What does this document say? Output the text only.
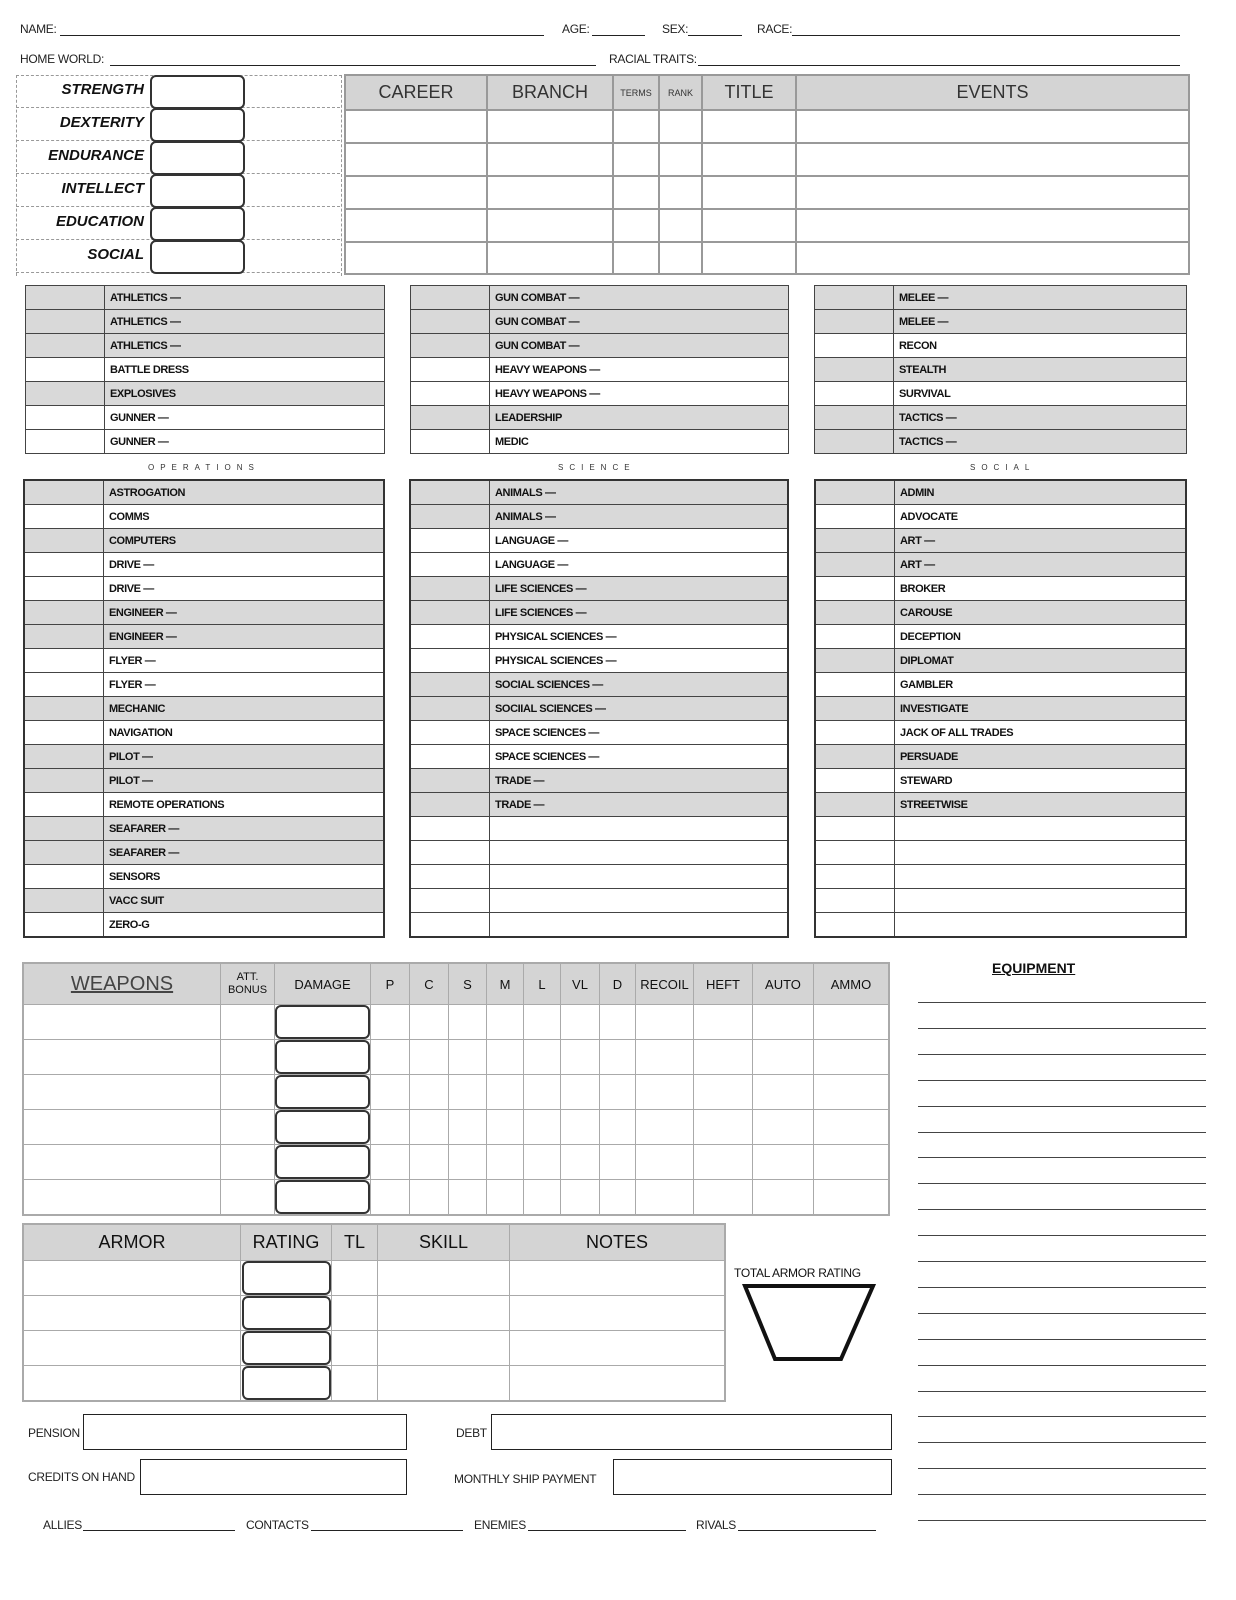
NAME:	AGE:	SEX:	RACE:
HOME WORLD:	RACIAL TRAITS:
STRENGTH
DEXTERITY
ENDURANCE
INTELLECT
EDUCATION
SOCIAL
CAREER	BRANCH	TERMS	RANK	TITLE	EVENTS

	ATHLETICS —
	ATHLETICS —
	ATHLETICS —
	BATTLE DRESS
	EXPLOSIVES
	GUNNER —
	GUNNER —
	GUN COMBAT —
	GUN COMBAT —
	GUN COMBAT —
	HEAVY WEAPONS —
	HEAVY WEAPONS —
	LEADERSHIP
	MEDIC
	MELEE —
	MELEE —
	RECON
	STEALTH
	SURVIVAL
	TACTICS —
	TACTICS —
	ASTROGATION
	COMMS
	COMPUTERS
	DRIVE —
	DRIVE —
	ENGINEER —
	ENGINEER —
	FLYER —
	FLYER —
	MECHANIC
	NAVIGATION
	PILOT —
	PILOT —
	REMOTE OPERATIONS
	SEAFARER —
	SEAFARER —
	SENSORS
	VACC SUIT
	ZERO-G
	ANIMALS —
	ANIMALS —
	LANGUAGE —
	LANGUAGE —
	LIFE SCIENCES —
	LIFE SCIENCES —
	PHYSICAL SCIENCES —
	PHYSICAL SCIENCES —
	SOCIAL SCIENCES —
	SOCIIAL SCIENCES —
	SPACE SCIENCES —
	SPACE SCIENCES —
	TRADE —
	TRADE —

	ADMIN
	ADVOCATE
	ART —
	ART —
	BROKER
	CAROUSE
	DECEPTION
	DIPLOMAT
	GAMBLER
	INVESTIGATE
	JACK OF ALL TRADES
	PERSUADE
	STEWARD
	STREETWISE

OPERATIONS	SCIENCE	SOCIAL
WEAPONS	ATT. BONUS	DAMAGE	P	C	S	M	L	VL	D	RECOIL	HEFT	AUTO	AMMO

EQUIPMENT
ARMOR	RATING	TL	SKILL	NOTES

TOTAL ARMOR RATING
PENSION	DEBT
CREDITS ON HAND	MONTHLY SHIP PAYMENT
ALLIES	CONTACTS	ENEMIES	RIVALS
